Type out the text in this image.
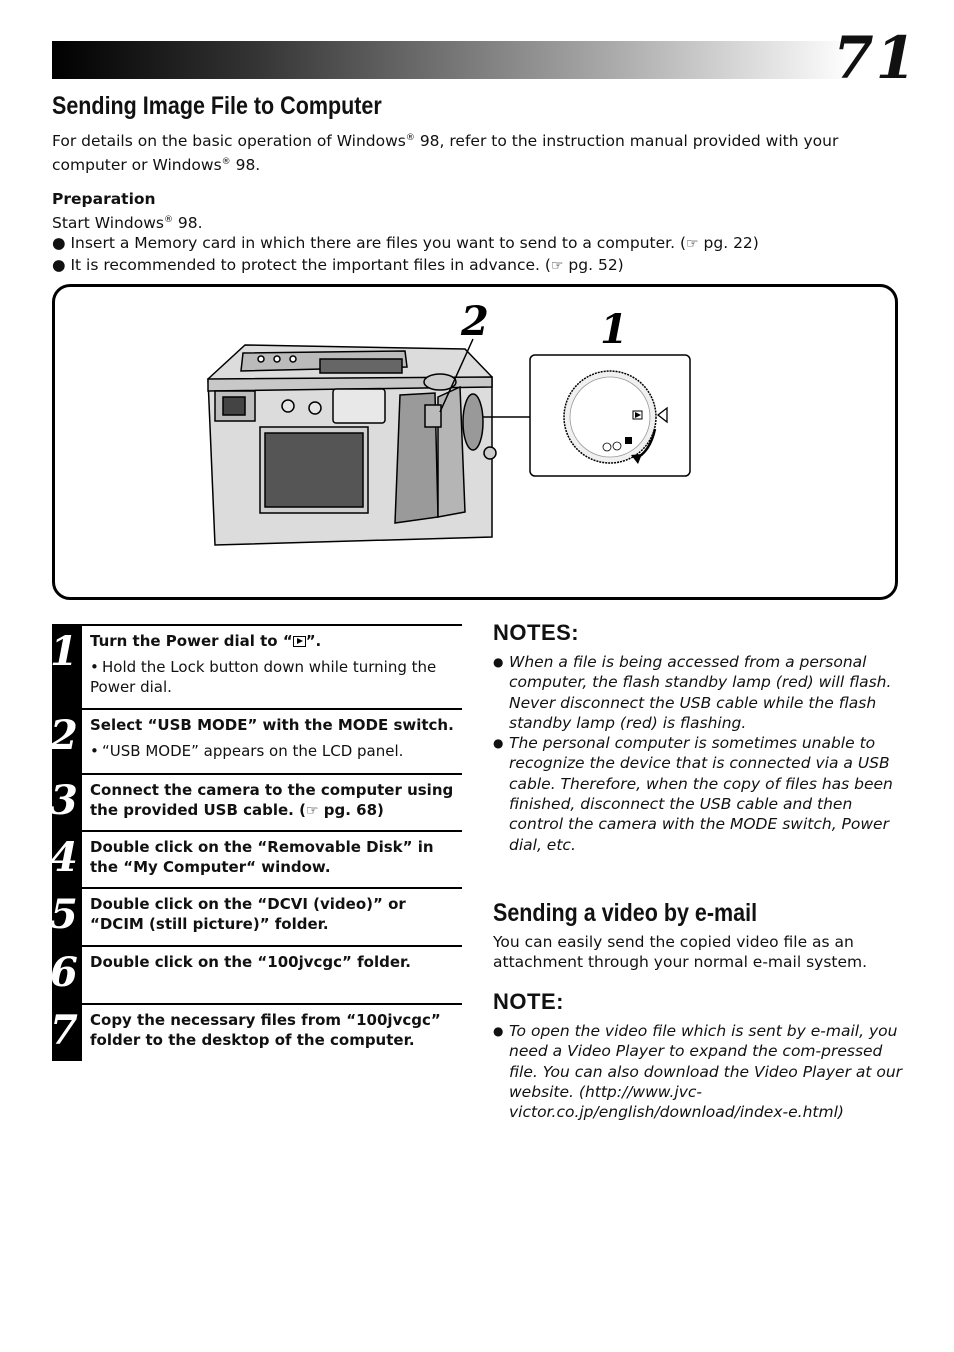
71
Sending Image File to Computer
For details on the basic operation of Windows® 98, refer to the instruction manual provided with your
computer or Windows® 98.
Preparation
Start Windows® 98.
● Insert a Memory card in which there are files you want to send to a computer. (☞ pg. 22)
● It is recommended to protect the important files in advance. (☞ pg. 52)
2	1
1 Turn the Power dial to “ ”.
• Hold the Lock button down while turning the Power dial.
2 Select “USB MODE” with the MODE switch.
• “USB MODE” appears on the LCD panel.
3 Connect the camera to the computer using the provided USB cable. (☞ pg. 68)
4 Double click on the “Removable Disk” in the “My Computer“ window.
5 Double click on the “DCVI (video)” or “DCIM (still picture)” folder.
6 Double click on the “100jvcgc” folder.
7 Copy the necessary files from “100jvcgc” folder to the desktop of the computer.
NOTES:
● When a file is being accessed from a personal computer, the flash standby lamp (red) will flash. Never disconnect the USB cable while the flash standby lamp (red) is flashing.
● The personal computer is sometimes unable to recognize the device that is connected via a USB cable. Therefore, when the copy of files has been finished, disconnect the USB cable and then control the camera with the MODE switch, Power dial, etc.
Sending a video by e-mail
You can easily send the copied video file as an attachment through your normal e-mail system.
NOTE:
● To open the video file which is sent by e-mail, you need a Video Player to expand the com-pressed file. You can also download the Video Player at our website. (http://www.jvc-victor.co.jp/english/download/index-e.html)
